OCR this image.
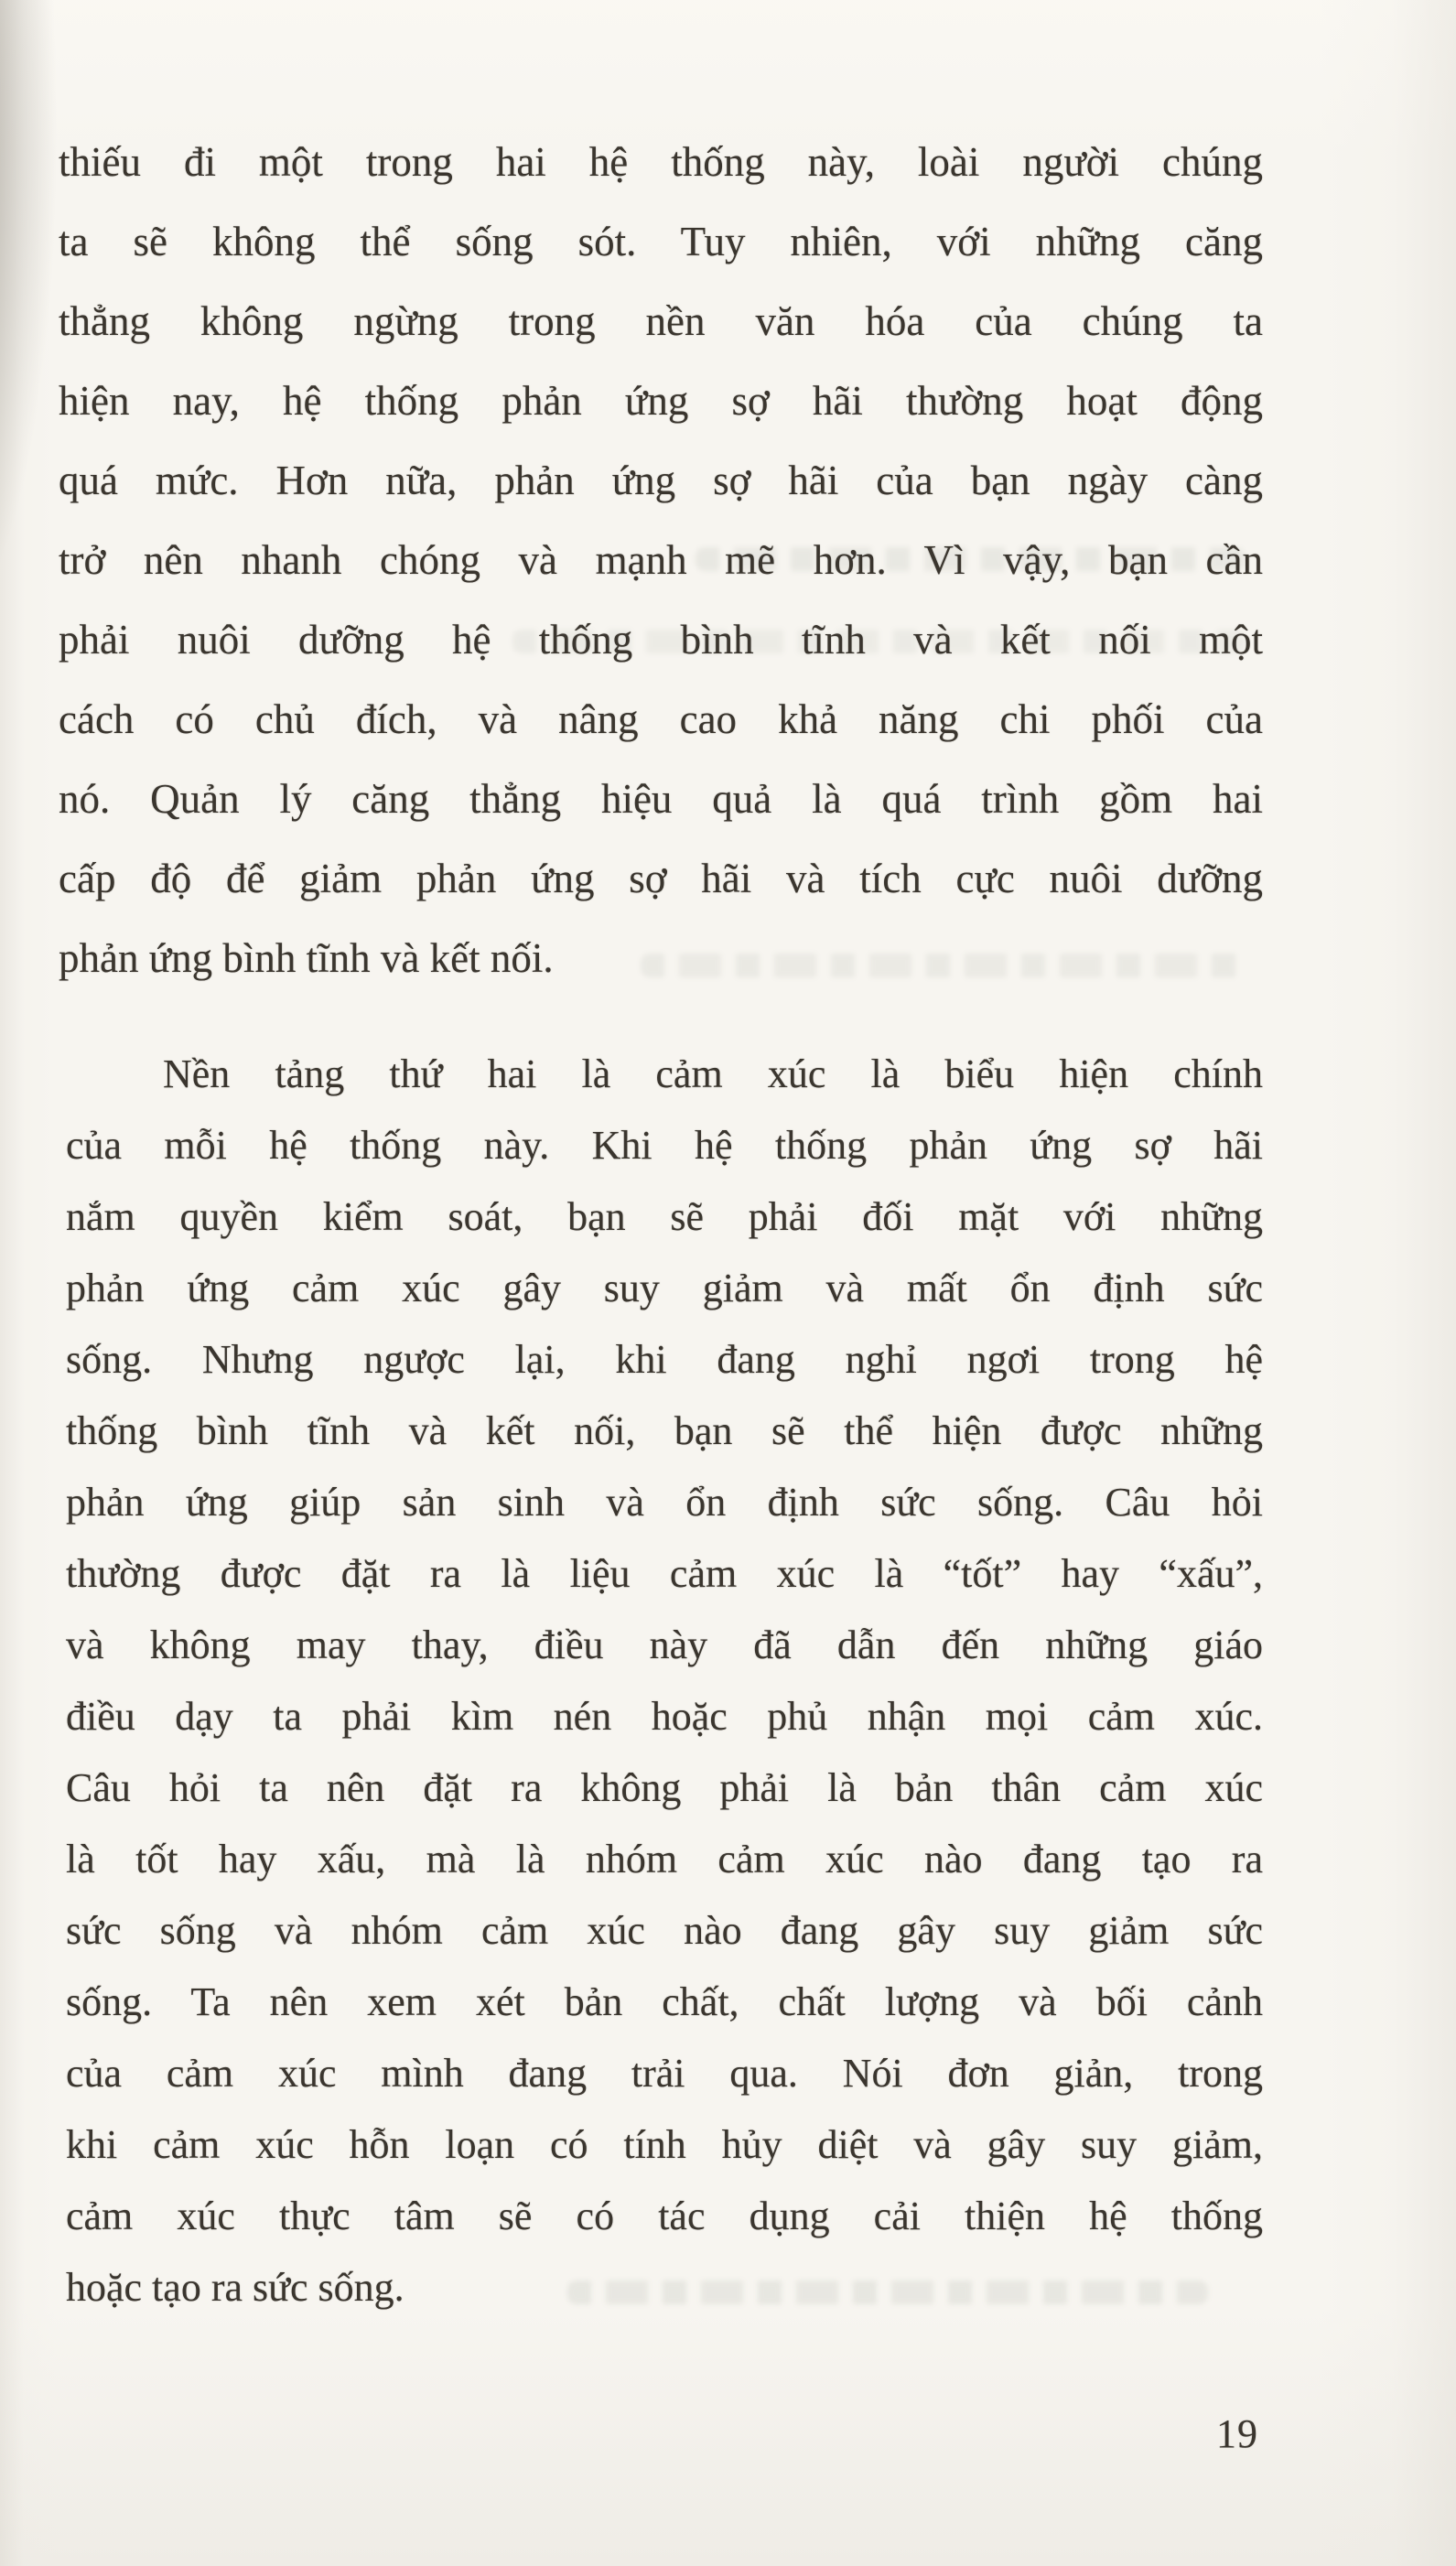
thiếu đi một trong hai hệ thống này, loài người chúng
ta sẽ không thể sống sót. Tuy nhiên, với những căng
thẳng không ngừng trong nền văn hóa của chúng ta
hiện nay, hệ thống phản ứng sợ hãi thường hoạt động
quá mức. Hơn nữa, phản ứng sợ hãi của bạn ngày càng
trở nên nhanh chóng và mạnh mẽ hơn. Vì vậy, bạn cần
phải nuôi dưỡng hệ thống bình tĩnh và kết nối một
cách có chủ đích, và nâng cao khả năng chi phối của
nó. Quản lý căng thẳng hiệu quả là quá trình gồm hai
cấp độ để giảm phản ứng sợ hãi và tích cực nuôi dưỡng
phản ứng bình tĩnh và kết nối.
Nền tảng thứ hai là cảm xúc là biểu hiện chính
của mỗi hệ thống này. Khi hệ thống phản ứng sợ hãi
nắm quyền kiểm soát, bạn sẽ phải đối mặt với những
phản ứng cảm xúc gây suy giảm và mất ổn định sức
sống. Nhưng ngược lại, khi đang nghỉ ngơi trong hệ
thống bình tĩnh và kết nối, bạn sẽ thể hiện được những
phản ứng giúp sản sinh và ổn định sức sống. Câu hỏi
thường được đặt ra là liệu cảm xúc là “tốt” hay “xấu”,
và không may thay, điều này đã dẫn đến những giáo
điều dạy ta phải kìm nén hoặc phủ nhận mọi cảm xúc.
Câu hỏi ta nên đặt ra không phải là bản thân cảm xúc
là tốt hay xấu, mà là nhóm cảm xúc nào đang tạo ra
sức sống và nhóm cảm xúc nào đang gây suy giảm sức
sống. Ta nên xem xét bản chất, chất lượng và bối cảnh
của cảm xúc mình đang trải qua. Nói đơn giản, trong
khi cảm xúc hỗn loạn có tính hủy diệt và gây suy giảm,
cảm xúc thực tâm sẽ có tác dụng cải thiện hệ thống
hoặc tạo ra sức sống.
19
